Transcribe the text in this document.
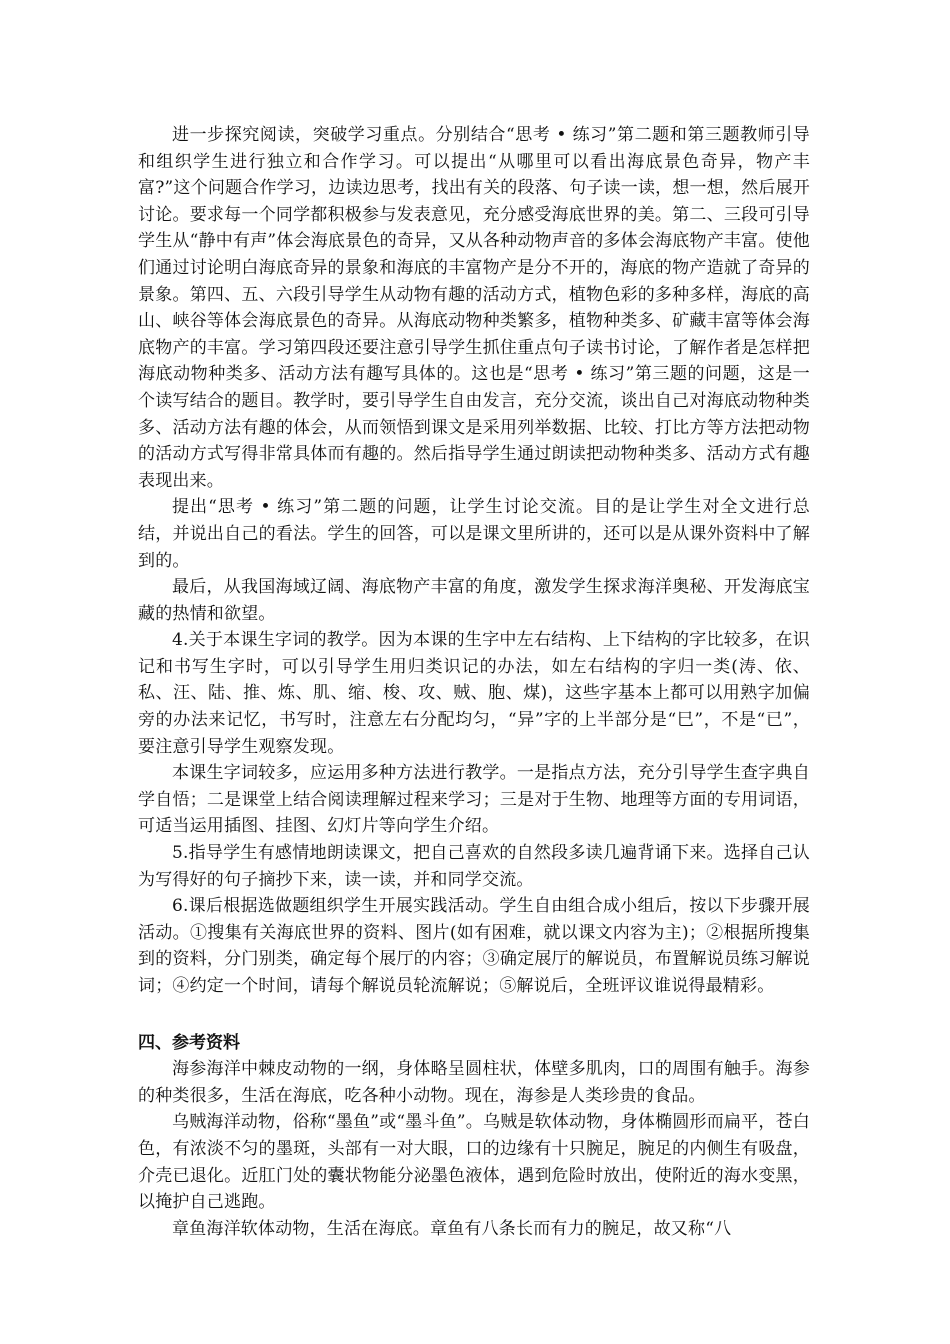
进一步探究阅读，突破学习重点。分别结合“思考 • 练习”第二题和第三题教师引导和组织学生进行独立和合作学习。可以提出“从哪里可以看出海底景色奇异，物产丰富?”这个问题合作学习，边读边思考，找出有关的段落、句子读一读，想一想，然后展开讨论。要求每一个同学都积极参与发表意见，充分感受海底世界的美。第二、三段可引导学生从“静中有声”体会海底景色的奇异，又从各种动物声音的多体会海底物产丰富。使他们通过讨论明白海底奇异的景象和海底的丰富物产是分不开的，海底的物产造就了奇异的景象。第四、五、六段引导学生从动物有趣的活动方式，植物色彩的多种多样，海底的高山、峡谷等体会海底景色的奇异。从海底动物种类繁多，植物种类多、矿藏丰富等体会海底物产的丰富。学习第四段还要注意引导学生抓住重点句子读书讨论，了解作者是怎样把海底动物种类多、活动方法有趣写具体的。这也是“思考 • 练习”第三题的问题，这是一个读写结合的题目。教学时，要引导学生自由发言，充分交流，谈出自己对海底动物种类多、活动方法有趣的体会，从而领悟到课文是采用列举数据、比较、打比方等方法把动物的活动方式写得非常具体而有趣的。然后指导学生通过朗读把动物种类多、活动方式有趣表现出来。

提出“思考 • 练习”第二题的问题，让学生讨论交流。目的是让学生对全文进行总结，并说出自己的看法。学生的回答，可以是课文里所讲的，还可以是从课外资料中了解到的。

最后，从我国海域辽阔、海底物产丰富的角度，激发学生探求海洋奥秘、开发海底宝藏的热情和欲望。

4.关于本课生字词的教学。因为本课的生字中左右结构、上下结构的字比较多，在识记和书写生字时，可以引导学生用归类识记的办法，如左右结构的字归一类(涛、依、私、汪、陆、推、炼、肌、缩、梭、攻、贼、胞、煤)，这些字基本上都可以用熟字加偏旁的办法来记忆，书写时，注意左右分配均匀，“异”字的上半部分是“巳”，不是“已”，要注意引导学生观察发现。

本课生字词较多，应运用多种方法进行教学。一是指点方法，充分引导学生查字典自学自悟；二是课堂上结合阅读理解过程来学习；三是对于生物、地理等方面的专用词语，可适当运用插图、挂图、幻灯片等向学生介绍。

5.指导学生有感情地朗读课文，把自己喜欢的自然段多读几遍背诵下来。选择自己认为写得好的句子摘抄下来，读一读，并和同学交流。

6.课后根据选做题组织学生开展实践活动。学生自由组合成小组后，按以下步骤开展活动。①搜集有关海底世界的资料、图片(如有困难，就以课文内容为主)；②根据所搜集到的资料，分门别类，确定每个展厅的内容；③确定展厅的解说员，布置解说员练习解说词；④约定一个时间，请每个解说员轮流解说；⑤解说后，全班评议谁说得最精彩。

四、参考资料

海参海洋中棘皮动物的一纲，身体略呈圆柱状，体壁多肌肉，口的周围有触手。海参的种类很多，生活在海底，吃各种小动物。现在，海参是人类珍贵的食品。

乌贼海洋动物，俗称“墨鱼”或“墨斗鱼”。乌贼是软体动物，身体椭圆形而扁平，苍白色，有浓淡不匀的墨斑，头部有一对大眼，口的边缘有十只腕足，腕足的内侧生有吸盘，介壳已退化。近肛门处的囊状物能分泌墨色液体，遇到危险时放出，使附近的海水变黑，以掩护自己逃跑。

章鱼海洋软体动物，生活在海底。章鱼有八条长而有力的腕足，故又称“八
